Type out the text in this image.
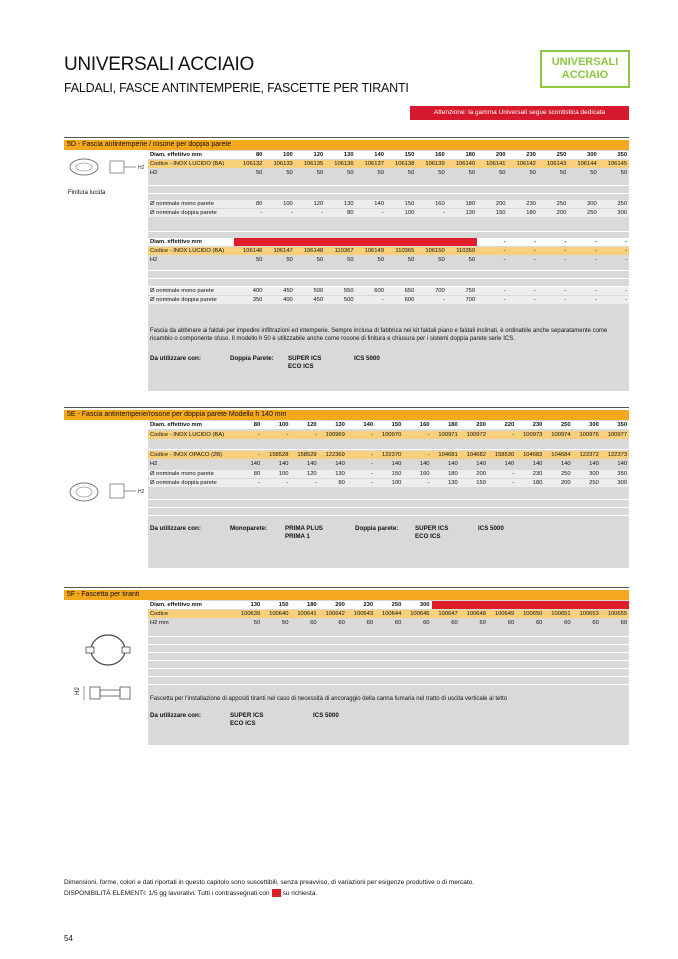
UNIVERSALI ACCIAIO
FALDALI, FASCE ANTINTEMPERIE, FASCETTE PER TIRANTI
UNIVERSALI
ACCIAIO
Attenzione: la gamma Universali segue scontistica dedicata
5D - Fascia antintemperie / rosone per doppia parete
H2
Finitura lucida
Diam. effettivo mm	80	100	120	130	140	150	160	180	200	230	250	300	350
Codice - INOX LUCIDO (BA)	106132	106133	106135	106136	106137	106138	106139	106140	106141	106142	106143	106144	106145
H2	50	50	50	50	50	50	50	50	50	50	50	50	50
Ø nominale mono parete	80	100	120	130	140	150	160	180	200	230	250	300	350
Ø nominale doppia parete	-	-	-	80	-	100	-	130	150	180	200	250	300
Diam. effettivo mm	400	450	500	550	600	650	700	750	-	-	-	-	-
Codice - INOX LUCIDO (BA)	106146	106147	106148	110367	106149	110365	106150	110350	-	-	-	-	-
H2	50	50	50	50	50	50	50	50	-	-	-	-	-
Ø nominale mono parete	400	450	500	550	600	650	700	750	-	-	-	-	-
Ø nominale doppia parete	350	400	450	500	-	600	-	700	-	-	-	-	-
Fascia da abbinare ai faldali per impedire infiltrazioni ed intemperie. Sempre inclusa di fabbrica nei kit faldali piano e faldali inclinati, è ordinabile anche separatamente come ricambio o componente sfuso. Il modello h 50 è utilizzabile anche come rosone di finitura e chiusura per i sistemi doppia parete serie ICS.
Da utilizzare con:	Doppia Parete: SUPER ICS
ECO ICS
ICS 5000
5E - Fascia antintemperie/rosone per doppia parete Modello h 140 mm
H2
Diam. effettivo mm	80	100	120	130	140	150	160	180	200	220	230	250	300	350
Codice - INOX LUCIDO (BA)	-	-	-	100969	-	100970	-	100971	100972	-	100973	100974	100976	100977
Codice - INOX OPACO (2B)	-	158528	158529	122369	-	122370	-	104681	104682	158530	104683	104684	122372	122373
H2	140	140	140	140	-	140	140	140	140	140	140	140	140	140
Ø nominale mono parete	80	100	120	130	-	150	160	180	200	-	230	250	300	350
Ø nominale doppia parete	-	-	-	80	-	100	-	130	150	-	180	200	250	300
Da utilizzare con:	Monoparete:	PRIMA PLUS
PRIMA 1
Doppia parete:	SUPER ICS
ECO ICS
ICS 5000
5F - Fascetta per tiranti
H2
Diam. effettivo mm	130	150	180	200	230	250	300	350	400	450	500	550	650	750
Codice	100639	100640	100641	100642	100643	100644	100646	100647	100648	100649	100650	100651	100653	100655
H2 mm	50	50	60	60	60	60	60	60	60	60	60	60	60	60
Fascetta per l'installazione di appositi tiranti nel caso di necessità di ancoraggio della canna fumaria nel tratto di uscita verticale al tetto
Da utilizzare con:	SUPER ICS
ECO ICS
ICS 5000
Dimensioni, forme, colori e dati riportati in questo capitolo sono suscettibili, senza preavviso, di variazioni per esigenze produttive o di mercato.
DISPONIBILITÀ ELEMENTI: 1/5 gg lavorativi. Tutti i contrassegnati con su richiesta.
54
